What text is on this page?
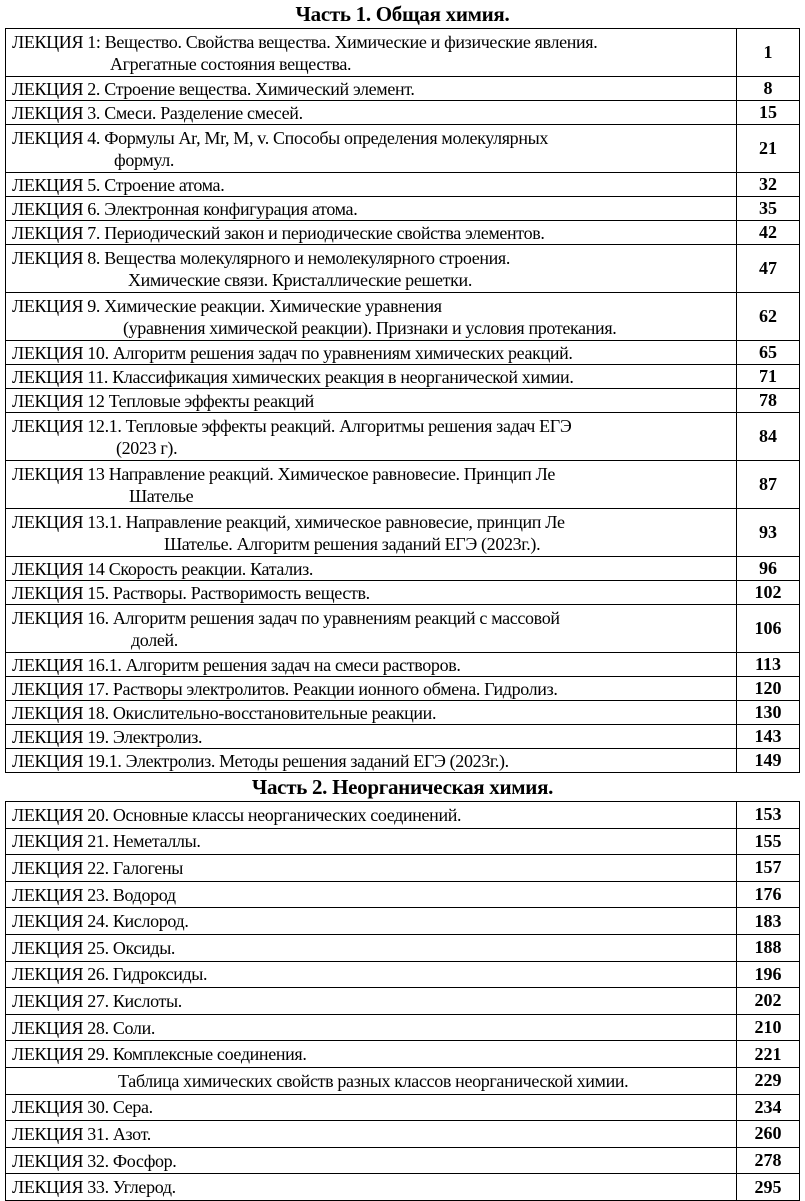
Часть 1. Общая химия.
ЛЕКЦИЯ 1: Вещество. Свойства вещества. Химические и физические явления.
Агрегатные состояния вещества.	1

ЛЕКЦИЯ 2. Строение вещества. Химический элемент.	8

ЛЕКЦИЯ 3. Смеси. Разделение смесей.	15

ЛЕКЦИЯ 4. Формулы Ar, Mr, M, v. Способы определения молекулярных
формул.	21

ЛЕКЦИЯ 5. Строение атома.	32

ЛЕКЦИЯ 6. Электронная конфигурация атома.	35

ЛЕКЦИЯ 7. Периодический закон и периодические свойства элементов.	42

ЛЕКЦИЯ 8. Вещества молекулярного и немолекулярного строения.
Химические связи. Кристаллические решетки.	47

ЛЕКЦИЯ 9. Химические реакции. Химические уравнения
(уравнения химической реакции). Признаки и условия протекания.	62

ЛЕКЦИЯ 10. Алгоритм решения задач по уравнениям химических реакций.	65

ЛЕКЦИЯ 11. Классификация химических реакция в неорганической химии.	71

ЛЕКЦИЯ 12 Тепловые эффекты реакций	78

ЛЕКЦИЯ 12.1. Тепловые эффекты реакций. Алгоритмы решения задач ЕГЭ
(2023 г).	84

ЛЕКЦИЯ 13 Направление реакций. Химическое равновесие. Принцип Ле
Шателье	87

ЛЕКЦИЯ 13.1. Направление реакций, химическое равновесие, принцип Ле
Шателье. Алгоритм решения заданий ЕГЭ (2023г.).	93

ЛЕКЦИЯ 14 Скорость реакции. Катализ.	96

ЛЕКЦИЯ 15. Растворы. Растворимость веществ.	102

ЛЕКЦИЯ 16. Алгоритм решения задач по уравнениям реакций с массовой
долей.	106

ЛЕКЦИЯ 16.1. Алгоритм решения задач на смеси растворов.	113

ЛЕКЦИЯ 17. Растворы электролитов. Реакции ионного обмена. Гидролиз.	120

ЛЕКЦИЯ 18. Окислительно-восстановительные реакции.	130

ЛЕКЦИЯ 19. Электролиз.	143

ЛЕКЦИЯ 19.1. Электролиз. Методы решения заданий ЕГЭ (2023г.).	149
Часть 2. Неорганическая химия.
ЛЕКЦИЯ 20. Основные классы неорганических соединений.	153

ЛЕКЦИЯ 21. Неметаллы.	155

ЛЕКЦИЯ 22. Галогены	157

ЛЕКЦИЯ 23. Водород	176

ЛЕКЦИЯ 24. Кислород.	183

ЛЕКЦИЯ 25. Оксиды.	188

ЛЕКЦИЯ 26. Гидроксиды.	196

ЛЕКЦИЯ 27. Кислоты.	202

ЛЕКЦИЯ 28. Соли.	210

ЛЕКЦИЯ 29. Комплексные соединения.	221

Таблица химических свойств разных классов неорганической химии.	229

ЛЕКЦИЯ 30. Сера.	234

ЛЕКЦИЯ 31. Азот.	260

ЛЕКЦИЯ 32. Фосфор.	278

ЛЕКЦИЯ 33. Углерод.	295
